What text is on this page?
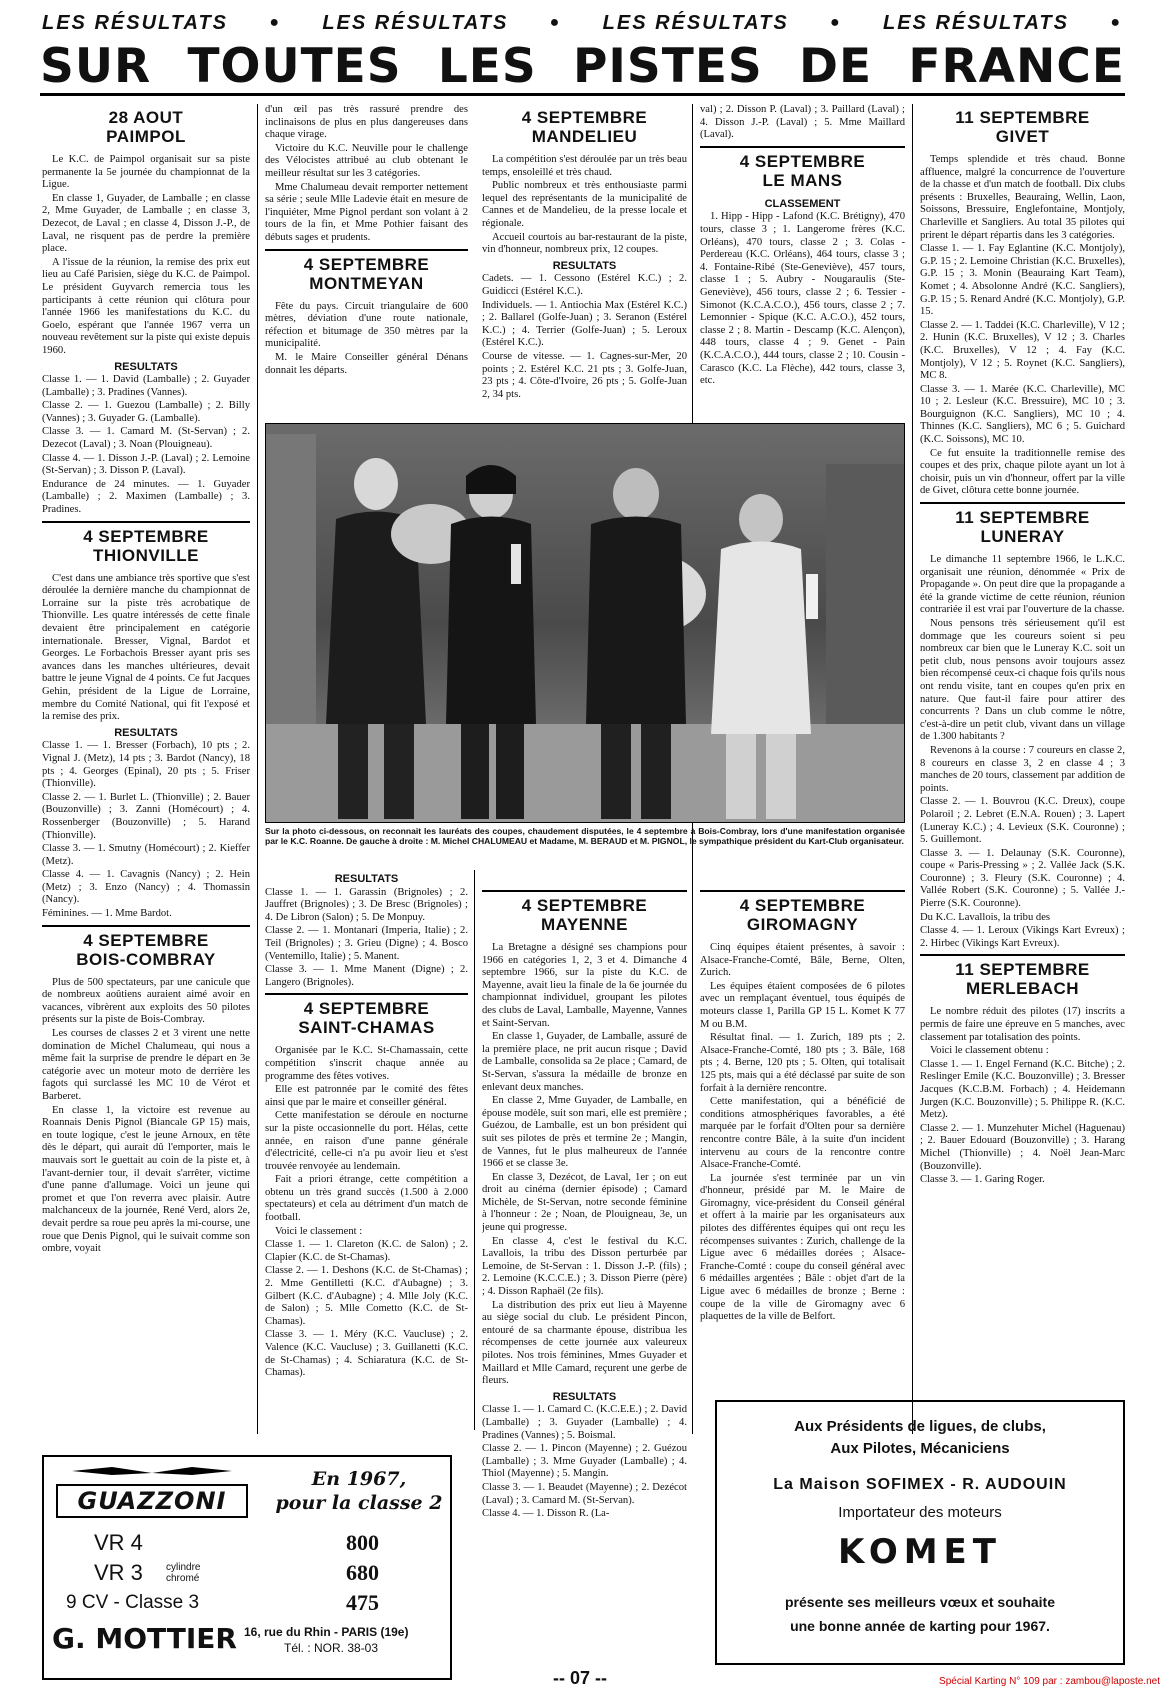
LES RÉSULTATS	● LES RÉSULTATS	● LES RÉSULTATS	● LES RÉSULTATS	●
SUR TOUTES LES PISTES DE FRANCE
28 AOUT
PAIMPOL

Le K.C. de Paimpol organisait sur sa piste permanente la 5e journée du championnat de la Ligue.

En classe 1, Guyader, de Lamballe ; en classe 2, Mme Guyader, de Lamballe ; en classe 3, Dezecot, de Laval ; en classe 4, Disson J.-P., de Laval, ne risquent pas de perdre la première place.

A l'issue de la réunion, la remise des prix eut lieu au Café Parisien, siège du K.C. de Paimpol. Le président Guyvarch remercia tous les participants à cette réunion qui clôtura pour l'année 1966 les manifestations du K.C. du Goelo, espérant que l'année 1967 verra un nouveau revêtement sur la piste qui existe depuis 1960.

RESULTATS

Classe 1. — 1. David (Lamballe) ; 2. Guyader (Lamballe) ; 3. Pradines (Vannes).

Classe 2. — 1. Guezou (Lamballe) ; 2. Billy (Vannes) ; 3. Guyader G. (Lamballe).

Classe 3. — 1. Camard M. (St-Servan) ; 2. Dezecot (Laval) ; 3. Noan (Plouigneau).

Classe 4. — 1. Disson J.-P. (Laval) ; 2. Lemoine (St-Servan) ; 3. Disson P. (Laval).

Endurance de 24 minutes. — 1. Guyader (Lamballe) ; 2. Maximen (Lamballe) ; 3. Pradines.

4 SEPTEMBRE
THIONVILLE

C'est dans une ambiance très sportive que s'est déroulée la dernière manche du championnat de Lorraine sur la piste très acrobatique de Thionville. Les quatre intéressés de cette finale devaient être principalement en catégorie internationale. Bresser, Vignal, Bardot et Georges. Le Forbachois Bresser ayant pris ses avances dans les manches ultérieures, devait battre le jeune Vignal de 4 points. Ce fut Jacques Gehin, président de la Ligue de Lorraine, membre du Comité National, qui fit l'exposé et la remise des prix.

RESULTATS

Classe 1. — 1. Bresser (Forbach), 10 pts ; 2. Vignal J. (Metz), 14 pts ; 3. Bardot (Nancy), 18 pts ; 4. Georges (Epinal), 20 pts ; 5. Friser (Thionville).

Classe 2. — 1. Burlet L. (Thionville) ; 2. Bauer (Bouzonville) ; 3. Zanni (Homécourt) ; 4. Rossenberger (Bouzonville) ; 5. Harand (Thionville).

Classe 3. — 1. Smutny (Homécourt) ; 2. Kieffer (Metz).

Classe 4. — 1. Cavagnis (Nancy) ; 2. Hein (Metz) ; 3. Enzo (Nancy) ; 4. Thomassin (Nancy).

Féminines. — 1. Mme Bardot.

4 SEPTEMBRE
BOIS-COMBRAY

Plus de 500 spectateurs, par une canicule que de nombreux aoûtiens auraient aimé avoir en vacances, vibrèrent aux exploits des 50 pilotes présents sur la piste de Bois-Combray.

Les courses de classes 2 et 3 virent une nette domination de Michel Chalumeau, qui nous a même fait la surprise de prendre le départ en 3e catégorie avec un moteur moto de derrière les fagots qui surclassé les MC 10 de Vérot et Barberet.

En classe 1, la victoire est revenue au Roannais Denis Pignol (Biancale GP 15) mais, en toute logique, c'est le jeune Arnoux, en tête dès le départ, qui aurait dû l'emporter, mais le mauvais sort le guettait au coin de la piste et, à l'avant-dernier tour, il devait s'arrêter, victime d'une panne d'allumage. Voici un jeune qui promet et que l'on reverra avec plaisir. Autre malchanceux de la journée, René Verd, alors 2e, devait perdre sa roue peu après la mi-course, une roue que Denis Pignol, qui le suivait comme son ombre, voyait

d'un œil pas très rassuré prendre des inclinaisons de plus en plus dangereuses dans chaque virage.

Victoire du K.C. Neuville pour le challenge des Vélocistes attribué au club obtenant le meilleur résultat sur les 3 catégories.

Mme Chalumeau devait remporter nettement sa série ; seule Mlle Ladevie était en mesure de l'inquiéter, Mme Pignol perdant son volant à 2 tours de la fin, et Mme Pothier faisant des débuts sages et prudents.

4 SEPTEMBRE
MONTMEYAN

Fête du pays. Circuit triangulaire de 600 mètres, déviation d'une route nationale, réfection et bitumage de 350 mètres par la municipalité.

M. le Maire Conseiller général Dénans donnait les départs.

4 SEPTEMBRE
MANDELIEU

La compétition s'est déroulée par un très beau temps, ensoleillé et très chaud.

Public nombreux et très enthousiaste parmi lequel des représentants de la municipalité de Cannes et de Mandelieu, de la presse locale et régionale.

Accueil courtois au bar-restaurant de la piste, vin d'honneur, nombreux prix, 12 coupes.

RESULTATS

Cadets. — 1. Cessono (Estérel K.C.) ; 2. Guidicci (Estérel K.C.).

Individuels. — 1. Antiochia Max (Estérel K.C.) ; 2. Ballarel (Golfe-Juan) ; 3. Seranon (Estérel K.C.) ; 4. Terrier (Golfe-Juan) ; 5. Leroux (Estérel K.C.).

Course de vitesse. — 1. Cagnes-sur-Mer, 20 points ; 2. Estérel K.C. 21 pts ; 3. Golfe-Juan, 23 pts ; 4. Côte-d'Ivoire, 26 pts ; 5. Golfe-Juan 2, 34 pts.

val) ; 2. Disson P. (Laval) ; 3. Paillard (Laval) ; 4. Disson J.-P. (Laval) ; 5. Mme Maillard (Laval).

4 SEPTEMBRE
LE MANS
CLASSEMENT

1. Hipp - Hipp - Lafond (K.C. Brétigny), 470 tours, classe 3 ; 1. Langerome frères (K.C. Orléans), 470 tours, classe 2 ; 3. Colas - Perdereau (K.C. Orléans), 464 tours, classe 3 ; 4. Fontaine-Ribé (Ste-Geneviève), 457 tours, classe 1 ; 5. Aubry - Nougaraulis (Ste-Geneviève), 456 tours, classe 2 ; 6. Tessier - Simonot (K.C.A.C.O.), 456 tours, classe 2 ; 7. Lemonnier - Spique (K.C. A.C.O.), 452 tours, classe 2 ; 8. Martin - Descamp (K.C. Alençon), 448 tours, classe 4 ; 9. Genet - Pain (K.C.A.C.O.), 444 tours, classe 2 ; 10. Cousin - Carasco (K.C. La Flèche), 442 tours, classe 3, etc.

Sur la photo ci-dessous, on reconnait les lauréats des coupes, chaudement disputées, le 4 septembre à Bois-Combray, lors d'une manifestation organisée par le K.C. Roanne. De gauche à droite : M. Michel CHALUMEAU et Madame, M. BERAUD et M. PIGNOL, le sympathique président du Kart-Club organisateur.
RESULTATS

Classe 1. — 1. Garassin (Brignoles) ; 2. Jauffret (Brignoles) ; 3. De Bresc (Brignoles) ; 4. De Libron (Salon) ; 5. De Monpuy.

Classe 2. — 1. Montanari (Imperia, Italie) ; 2. Teil (Brignoles) ; 3. Grieu (Digne) ; 4. Bosco (Ventemillo, Italie) ; 5. Manent.

Classe 3. — 1. Mme Manent (Digne) ; 2. Langero (Brignoles).

4 SEPTEMBRE
SAINT-CHAMAS

Organisée par le K.C. St-Chamassain, cette compétition s'inscrit chaque année au programme des fêtes votives.

Elle est patronnée par le comité des fêtes ainsi que par le maire et conseiller général.

Cette manifestation se déroule en nocturne sur la piste occasionnelle du port. Hélas, cette année, en raison d'une panne générale d'électricité, celle-ci n'a pu avoir lieu et s'est trouvée renvoyée au lendemain.

Fait a priori étrange, cette compétition a obtenu un très grand succès (1.500 à 2.000 spectateurs) et cela au détriment d'un match de football.

Voici le classement :

Classe 1. — 1. Clareton (K.C. de Salon) ; 2. Clapier (K.C. de St-Chamas).

Classe 2. — 1. Deshons (K.C. de St-Chamas) ; 2. Mme Gentilletti (K.C. d'Aubagne) ; 3. Gilbert (K.C. d'Aubagne) ; 4. Mlle Joly (K.C. de Salon) ; 5. Mlle Cometto (K.C. de St-Chamas).

Classe 3. — 1. Méry (K.C. Vaucluse) ; 2. Valence (K.C. Vaucluse) ; 3. Guillanetti (K.C. de St-Chamas) ; 4. Schiaratura (K.C. de St-Chamas).

4 SEPTEMBRE
MAYENNE

La Bretagne a désigné ses champions pour 1966 en catégories 1, 2, 3 et 4. Dimanche 4 septembre 1966, sur la piste du K.C. de Mayenne, avait lieu la finale de la 6e journée du championnat individuel, groupant les pilotes des clubs de Laval, Lamballe, Mayenne, Vannes et Saint-Servan.

En classe 1, Guyader, de Lamballe, assuré de la première place, ne prit aucun risque ; David de Lamballe, consolida sa 2e place ; Camard, de St-Servan, s'assura la médaille de bronze en enlevant deux manches.

En classe 2, Mme Guyader, de Lamballe, en épouse modèle, suit son mari, elle est première ; Guézou, de Lamballe, est un bon président qui suit ses pilotes de près et termine 2e ; Mangin, de Vannes, fut le plus malheureux de l'année 1966 et se classe 3e.

En classe 3, Dezécot, de Laval, 1er ; on eut droit au cinéma (dernier épisode) ; Camard Michèle, de St-Servan, notre seconde féminine à l'honneur : 2e ; Noan, de Plouigneau, 3e, un jeune qui progresse.

En classe 4, c'est le festival du K.C. Lavallois, la tribu des Disson perturbée par Lemoine, de St-Servan : 1. Disson J.-P. (fils) ; 2. Lemoine (K.C.C.E.) ; 3. Disson Pierre (père) ; 4. Disson Raphaël (2e fils).

La distribution des prix eut lieu à Mayenne au siège social du club. Le président Pincon, entouré de sa charmante épouse, distribua les récompenses de cette journée aux valeureux pilotes. Nos trois féminines, Mmes Guyader et Maillard et Mlle Camard, reçurent une gerbe de fleurs.

RESULTATS

Classe 1. — 1. Camard C. (K.C.E.E.) ; 2. David (Lamballe) ; 3. Guyader (Lamballe) ; 4. Pradines (Vannes) ; 5. Boismal.

Classe 2. — 1. Pincon (Mayenne) ; 2. Guézou (Lamballe) ; 3. Mme Guyader (Lamballe) ; 4. Thiol (Mayenne) ; 5. Mangin.

Classe 3. — 1. Beaudet (Mayenne) ; 2. Dezécot (Laval) ; 3. Camard M. (St-Servan).

Classe 4. — 1. Disson R. (La-

4 SEPTEMBRE
GIROMAGNY

Cinq équipes étaient présentes, à savoir : Alsace-Franche-Comté, Bâle, Berne, Olten, Zurich.

Les équipes étaient composées de 6 pilotes avec un remplaçant éventuel, tous équipés de moteurs classe 1, Parilla GP 15 L. Komet K 77 M ou B.M.

Résultat final. — 1. Zurich, 189 pts ; 2. Alsace-Franche-Comté, 180 pts ; 3. Bâle, 168 pts ; 4. Berne, 120 pts ; 5. Olten, qui totalisait 125 pts, mais qui a été déclassé par suite de son forfait à la dernière rencontre.

Cette manifestation, qui a bénéficié de conditions atmosphériques favorables, a été marquée par le forfait d'Olten pour sa dernière rencontre contre Bâle, à la suite d'un incident intervenu au cours de la rencontre contre Alsace-Franche-Comté.

La journée s'est terminée par un vin d'honneur, présidé par M. le Maire de Giromagny, vice-président du Conseil général et offert à la mairie par les organisateurs aux pilotes des différentes équipes qui ont reçu les récompenses suivantes : Zurich, challenge de la Ligue avec 6 médailles dorées ; Alsace-Franche-Comté : coupe du conseil général avec 6 médailles argentées ; Bâle : objet d'art de la Ligue avec 6 médailles de bronze ; Berne : coupe de la ville de Giromagny avec 6 plaquettes de la ville de Belfort.

11 SEPTEMBRE
GIVET

Temps splendide et très chaud. Bonne affluence, malgré la concurrence de l'ouverture de la chasse et d'un match de football. Dix clubs présents : Bruxelles, Beauraing, Wellin, Laon, Soissons, Bressuire, Englefontaine, Montjoly, Charleville et Sangliers. Au total 35 pilotes qui prirent le départ répartis dans les 3 catégories.

Classe 1. — 1. Fay Eglantine (K.C. Montjoly), G.P. 15 ; 2. Lemoine Christian (K.C. Bruxelles), G.P. 15 ; 3. Monin (Beauraing Kart Team), Komet ; 4. Absolonne André (K.C. Sangliers), G.P. 15 ; 5. Renard André (K.C. Montjoly), G.P. 15.

Classe 2. — 1. Taddei (K.C. Charleville), V 12 ; 2. Hunin (K.C. Bruxelles), V 12 ; 3. Charles (K.C. Bruxelles), V 12 ; 4. Fay (K.C. Montjoly), V 12 ; 5. Roynet (K.C. Sangliers), MC 8.

Classe 3. — 1. Marée (K.C. Charleville), MC 10 ; 2. Lesleur (K.C. Bressuire), MC 10 ; 3. Bourguignon (K.C. Sangliers), MC 10 ; 4. Thinnes (K.C. Sangliers), MC 6 ; 5. Guichard (K.C. Soissons), MC 10.

Ce fut ensuite la traditionnelle remise des coupes et des prix, chaque pilote ayant un lot à choisir, puis un vin d'honneur, offert par la ville de Givet, clôtura cette bonne journée.

11 SEPTEMBRE
LUNERAY

Le dimanche 11 septembre 1966, le L.K.C. organisait une réunion, dénommée « Prix de Propagande ». On peut dire que la propagande a été la grande victime de cette réunion, réunion contrariée il est vrai par l'ouverture de la chasse.

Nous pensons très sérieusement qu'il est dommage que les coureurs soient si peu nombreux car bien que le Luneray K.C. soit un petit club, nous pensons avoir toujours assez bien récompensé ceux-ci chaque fois qu'ils nous ont rendu visite, tant en coupes qu'en prix en nature. Que faut-il faire pour attirer des concurrents ? Dans un club comme le nôtre, c'est-à-dire un petit club, vivant dans un village de 1.300 habitants ?

Revenons à la course : 7 coureurs en classe 2, 8 coureurs en classe 3, 2 en classe 4 ; 3 manches de 20 tours, classement par addition de points.

Classe 2. — 1. Bouvrou (K.C. Dreux), coupe Polaroil ; 2. Lebret (E.N.A. Rouen) ; 3. Lapert (Luneray K.C.) ; 4. Levieux (S.K. Couronne) ; 5. Guillemont.

Classe 3. — 1. Delaunay (S.K. Couronne), coupe « Paris-Pressing » ; 2. Vallée Jack (S.K. Couronne) ; 3. Fleury (S.K. Couronne) ; 4. Vallée Robert (S.K. Couronne) ; 5. Vallée J.-Pierre (S.K. Couronne).

Du K.C. Lavallois, la tribu des

Classe 4. — 1. Leroux (Vikings Kart Evreux) ; 2. Hirbec (Vikings Kart Evreux).

11 SEPTEMBRE
MERLEBACH

Le nombre réduit des pilotes (17) inscrits a permis de faire une épreuve en 5 manches, avec classement par totalisation des points.

Voici le classement obtenu :

Classe 1. — 1. Engel Fernand (K.C. Bitche) ; 2. Reslinger Emile (K.C. Bouzonville) ; 3. Bresser Jacques (K.C.B.M. Forbach) ; 4. Heidemann Jurgen (K.C. Bouzonville) ; 5. Philippe R. (K.C. Metz).

Classe 2. — 1. Munzehuter Michel (Haguenau) ; 2. Bauer Edouard (Bouzonville) ; 3. Harang Michel (Thionville) ; 4. Noël Jean-Marc (Bouzonville).

Classe 3. — 1. Garing Roger.

GUAZZONI
En 1967,
pour la classe 2
VR 4	800
VR 3 cylindre chromé	680
9 CV - Classe 3	475
G. MOTTIER 16, rue du Rhin - PARIS (19e)
Tél. : NOR. 38-03
Aux Présidents de ligues, de clubs,
Aux Pilotes, Mécaniciens
La Maison SOFIMEX - R. AUDOUIN
Importateur des moteurs
KOMET
présente ses meilleurs vœux et souhaite
une bonne année de karting pour 1967.
-- 07 --	Spécial Karting N° 109 par : zambou@laposte.net
